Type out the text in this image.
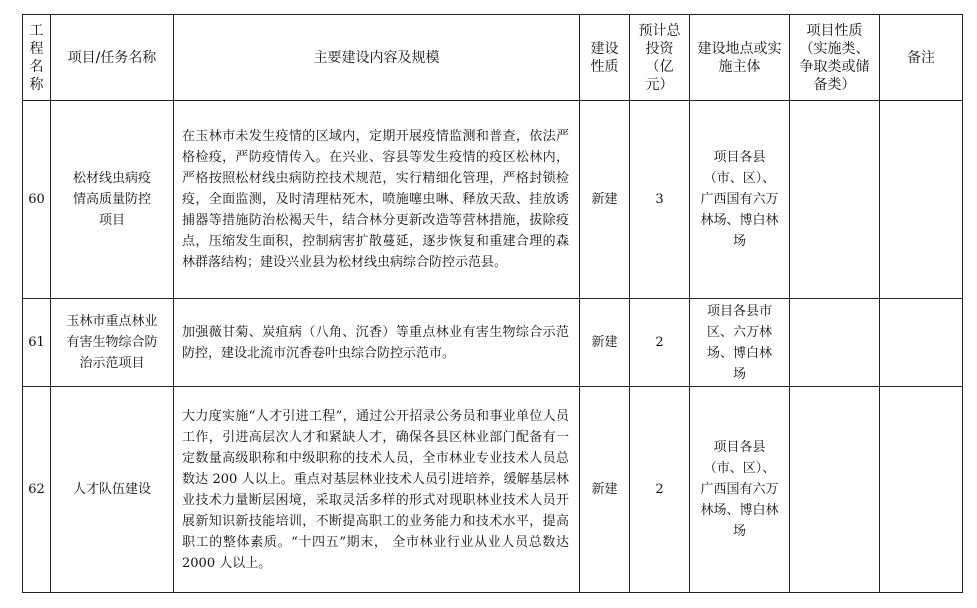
工程名称	项目/任务名称	主要建设内容及规模	建设性质	预计总投资（亿元）	建设地点或实施主体	项目性质（实施类、争取类或储备类）	备注
60	松材线虫病疫情高质量防控项目	在玉林市未发生疫情的区域内，定期开展疫情监测和普查，依法严格检疫，严防疫情传入。在兴业、容县等发生疫情的疫区松林内，严格按照松材线虫病防控技术规范，实行精细化管理，严格封锁检疫，全面监测，及时清理枯死木，喷施噻虫啉、释放天敌、挂放诱捕器等措施防治松褐天牛，结合林分更新改造等营林措施，拔除疫点，压缩发生面积，控制病害扩散蔓延，逐步恢复和重建合理的森林群落结构；建设兴业县为松材线虫病综合防控示范县。	新建	3	项目各县（市、区）、广西国有六万林场、博白林场		
61	玉林市重点林业有害生物综合防治示范项目	加强薇甘菊、炭疽病（八角、沉香）等重点林业有害生物综合示范防控，建设北流市沉香卷叶虫综合防控示范市。	新建	2	项目各县市区、六万林场、博白林场		
62	人才队伍建设	大力度实施“人才引进工程”，通过公开招录公务员和事业单位人员工作，引进高层次人才和紧缺人才，确保各县区林业部门配备有一定数量高级职称和中级职称的技术人员，全市林业专业技术人员总数达 200 人以上。重点对基层林业技术人员引进培养，缓解基层林业技术力量断层困境，采取灵活多样的形式对现职林业技术人员开展新知识新技能培训，不断提高职工的业务能力和技术水平，提高职工的整体素质。“十四五”期末， 全市林业行业从业人员总数达 2000 人以上。	新建	2	项目各县（市、区）、广西国有六万林场、博白林场		
